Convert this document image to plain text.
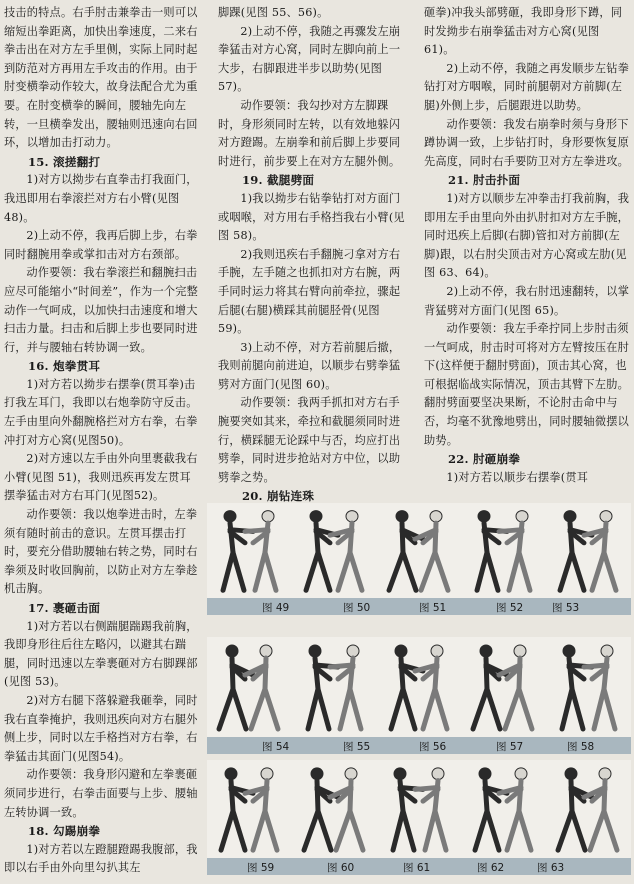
技击的特点。右手肘击兼拳击一则可以缩短出拳距离，加快出拳速度，二来右拳击出在对方左手里侧，实际上同时起到防范对方再用左手攻击的作用。由于肘变横拳动作较大，故身法配合尤为重要。在肘变横拳的瞬间，腰轴先向左转，一旦横拳发出，腰轴则迅速向右回环，以增加击打动力。

15. 滚搓翻打

1)对方以拗步右直拳击打我面门，我迅即用右拳滚拦对方右小臂(见图 48)。

2)上动不停，我再后脚上步，右拳同时翻腕用拳或掌扣击对方右颈部。

动作要领：我右拳滚拦和翻腕扫击应尽可能缩小“时间差”，作为一个完整动作一气呵成，以加快扫击速度和增大扫击力量。扫击和后脚上步也要同时进行，并与腰轴右转协调一致。

16. 炮拳贯耳

1)对方若以拗步右摆拳(贯耳拳)击打我左耳门，我即以右炮拳防守反击。左手由里向外翻腕格拦对方右拳，右拳冲打对方心窝(见图50)。

2)对方速以左手由外向里裹截我右小臂(见图 51)，我则迅疾再发左贯耳摆拳猛击对方右耳门(见图52)。

动作要领：我以炮拳进击时，左拳须有随时前击的意识。左贯耳摆击打时，要充分借助腰轴右转之势，同时右拳须及时收回胸前，以防止对方左拳趁机击胸。

17. 裹砸击面

1)对方若以右侧踹腿踹踢我前胸，我即身形往后往左略闪，以避其右踹腿，同时迅速以左拳裹砸对方右脚踝部(见图 53)。

2)对方右腿下落躲避我砸拳，同时我右直拳掩护，我则迅疾向对方右腿外侧上步，同时以左手格挡对方右拳，右拳猛击其面门(见图54)。

动作要领：我身形闪避和左拳裹砸须同步进行，右拳击面要与上步、腰轴左转协调一致。

18. 勾踢崩拳

1)对方若以左蹬腿蹬踢我腹部，我即以右手由外向里勾扒其左

脚踝(见图 55、56)。

2)上动不停，我随之再骤发左崩拳猛击对方心窝，同时左脚向前上一大步，右脚跟进半步以助势(见图 57)。

动作要领：我勾抄对方左脚踝时，身形须同时左转，以有效地躲闪对方蹬踢。左崩拳和前后脚上步要同时进行，前步要上在对方左腿外侧。

19. 截腿劈面

1)我以拗步右钻拳钻打对方面门或咽喉，对方用右手格挡我右小臂(见图 58)。

2)我则迅疾右手翻腕刁拿对方右手腕，左手随之也抓扣对方右腕，两手同时运力将其右臂向前牵拉，骤起后腿(右腿)横踩其前腿胫骨(见图 59)。

3)上动不停，对方若前腿后撤，我则前腿向前进迫，以顺步右劈拳猛劈对方面门(见图 60)。

动作要领：我两手抓扣对方右手腕要突如其来，牵拉和截腿须同时进行，横踩腿无论踩中与否，均应打出劈拳，同时进步抢站对方中位，以助劈拳之势。

20. 崩钻连珠

砸拳)冲我头部劈砸，我即身形下蹲，同时发拗步右崩拳猛击对方心窝(见图 61)。

2)上动不停，我随之再发顺步左钻拳钻打对方咽喉，同时前腿朝对方前脚(左腿)外侧上步，后腿跟进以助势。

动作要领：我发右崩拳时须与身形下蹲协调一致，上步钻打时，身形要恢复原先高度，同时右手要防卫对方左拳进攻。

21. 肘击扑面

1)对方以顺步左冲拳击打我前胸，我即用左手由里向外由扒肘扣对方左手腕，同时迅疾上后脚(右脚)管扣对方前脚(左脚)跟，以右肘尖顶击对方心窝或左肋(见图 63、64)。

2)上动不停，我右肘迅速翻转，以掌背猛劈对方面门(见图 65)。

动作要领：我左手牵拧同上步肘击须一气呵成，肘击时可将对方左臂按压在肘下(这样便于翻肘劈面)，顶击其心窝，也可根据临战实际情况，顶击其臂下左肋。翻肘劈面要坚决果断，不论肘击命中与否，均毫不犹豫地劈出，同时腰轴微摆以助势。

22. 肘砸崩拳

1)对方若以顺步右摆拳(贯耳

图 49	图 50	图 51	图 52	图 53
图 54	图 55	图 56	图 57	图 58
图 59	图 60	图 61	图 62	图 63
